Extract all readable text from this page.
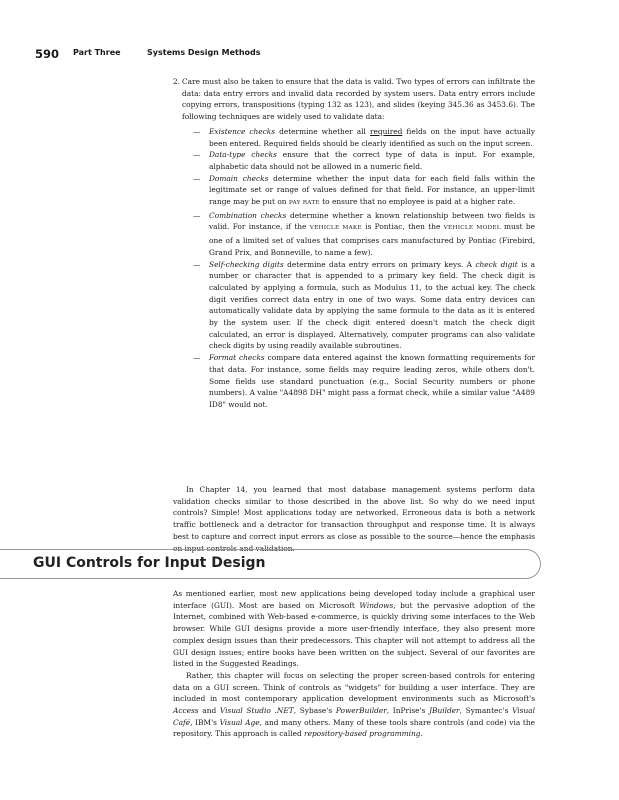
590 Part Three	Systems Design Methods
2. Care must also be taken to ensure that the data is valid. Two types of errors can infiltrate the data: data entry errors and invalid data recorded by system users. Data entry errors include copying errors, transpositions (typing 132 as 123), and slides (keying 345.36 as 3453.6). The following techniques are widely used to validate data:
— Existence checks determine whether all required fields on the input have actually been entered. Required fields should be clearly identified as such on the input screen.
— Data-type checks ensure that the correct type of data is input. For example, alphabetic data should not be allowed in a numeric field.
— Domain checks determine whether the input data for each field falls within the legitimate set or range of values defined for that field. For instance, an upper-limit range may be put on PAY RATE to ensure that no employee is paid at a higher rate.
— Combination checks determine whether a known relationship between two fields is valid. For instance, if the VEHICLE MAKE is Pontiac, then the VEHICLE MODEL must be one of a limited set of values that comprises cars manufactured by Pontiac (Firebird, Grand Prix, and Bonneville, to name a few).
— Self-checking digits determine data entry errors on primary keys. A check digit is a number or character that is appended to a primary key field. The check digit is calculated by applying a formula, such as Modulus 11, to the actual key. The check digit verifies correct data entry in one of two ways. Some data entry devices can automatically validate data by applying the same formula to the data as it is entered by the system user. If the check digit entered doesn't match the check digit calculated, an error is displayed. Alternatively, computer programs can also validate check digits by using readily available subroutines.
— Format checks compare data entered against the known formatting requirements for that data. For instance, some fields may require leading zeros, while others don't. Some fields use standard punctuation (e.g., Social Security numbers or phone numbers). A value "A4898 DH" might pass a format check, while a similar value "A489 ID8" would not.
In Chapter 14, you learned that most database management systems perform data validation checks similar to those described in the above list. So why do we need input controls? Simple! Most applications today are networked. Erroneous data is both a network traffic bottleneck and a detractor for transaction throughput and response time. It is always best to capture and correct input errors as close as possible to the source—hence the emphasis on input controls and validation.
GUI Controls for Input Design

As mentioned earlier, most new applications being developed today include a graphical user interface (GUI). Most are based on Microsoft Windows, but the pervasive adoption of the Internet, combined with Web-based e-commerce, is quickly driving some interfaces to the Web browser. While GUI designs provide a more user-friendly interface, they also present more complex design issues than their predecessors. This chapter will not attempt to address all the GUI design issues; entire books have been written on the subject. Several of our favorites are listed in the Suggested Readings.

Rather, this chapter will focus on selecting the proper screen-based controls for entering data on a GUI screen. Think of controls as "widgets" for building a user interface. They are included in most contemporary application development environments such as Microsoft's Access and Visual Studio .NET, Sybase's PowerBuilder, InPrise's JBuilder, Symantec's Visual Café, IBM's Visual Age, and many others. Many of these tools share controls (and code) via the repository. This approach is called repository-based programming.
